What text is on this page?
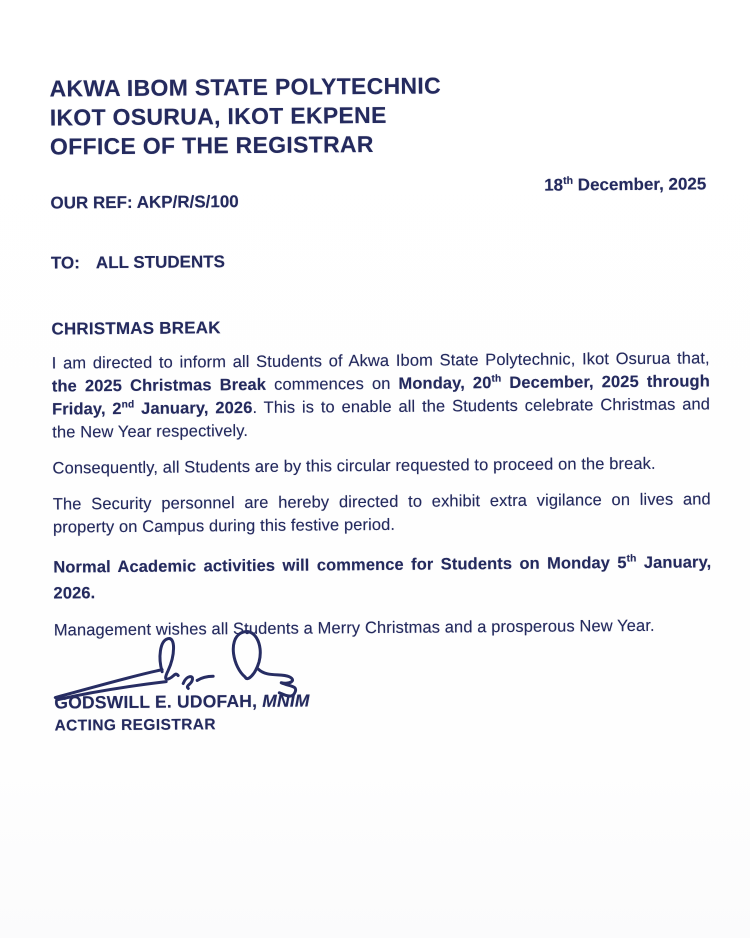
AKWA IBOM STATE POLYTECHNIC
IKOT OSURUA, IKOT EKPENE
OFFICE OF THE REGISTRAR
18th December, 2025
OUR REF: AKP/R/S/100
TO: ALL STUDENTS
CHRISTMAS BREAK

I am directed to inform all Students of Akwa Ibom State Polytechnic, Ikot Osurua that, the 2025 Christmas Break commences on Monday, 20th December, 2025 through Friday, 2nd January, 2026. This is to enable all the Students celebrate Christmas and the New Year respectively.

Consequently, all Students are by this circular requested to proceed on the break.

The Security personnel are hereby directed to exhibit extra vigilance on lives and property on Campus during this festive period.

Normal Academic activities will commence for Students on Monday 5th January, 2026.

Management wishes all Students a Merry Christmas and a prosperous New Year.

GODSWILL E. UDOFAH, MNIM
ACTING REGISTRAR
